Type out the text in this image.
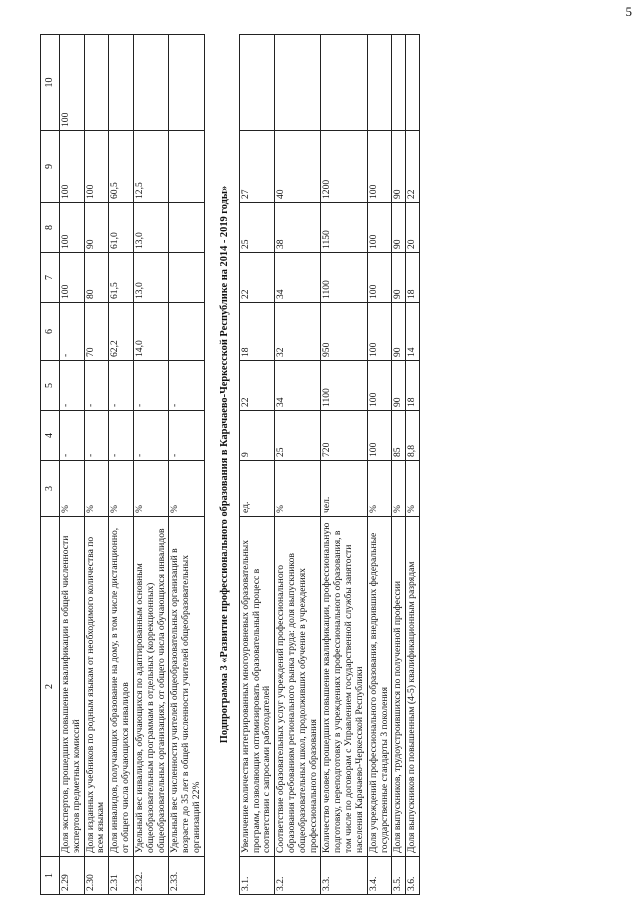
5
1	2	3	4	5	6	7	8	9	10
2.29	Доля экспертов, прошедших повышение квалификации в общей численности экспертов предметных комиссий	%	-	-	-	100	100	100	100
2.30	Доля изданных учебников по родным языкам от необходимого количества по всем языкам	%	-	-	70	80	90	100	
2.31	Доля инвалидов, получающих образование на дому, в том числе дистанционно, от общего числа обучающихся инвалидов	%	-	-	62,2	61,5	61,0	60,5	
2.32.	Удельный вес инвалидов, обучающихся по адаптированным основным общеобразовательным программам в отдельных (коррекционных) общеобразовательных организациях, от общего числа обучающихся инвалидов	%	-	-	14,0	13,0	13,0	12,5	
2.33.	Удельный вес численности учителей общеобразовательных организаций в возрасте до 35 лет в общей численности учителей общеобразовательных организаций 22%	%	-	-					
Подпрограмма 3 «Развитие профессионального образования в Карачаево-Черкесской Республике на 2014 - 2019 годы»									
3.1.	Увеличение количества интегрированных многоуровневых образовательных программ, позволяющих оптимизировать образовательный процесс в соответствии с запросами работодателей	ед.	9	22	18	22	25	27	
3.2.	Соответствие образовательных услуг учреждений профессионального образования требованиям регионального рынка труда: доля выпускников общеобразовательных школ, продолживших обучение в учреждениях профессионального образования	%	25	34	32	34	38	40	
3.3.	Количество человек, прошедших повышение квалификации, профессиональную подготовку, переподготовку в учреждениях профессионального образования, в том числе по договорам с Управлением государственной службы занятости населения Карачаево-Черкесской Республики	чел.	720	1100	950	1100	1150	1200	
3.4.	Доля учреждений профессионального образования, внедривших федеральные государственные стандарты 3 поколения	%	100	100	100	100	100	100	
3.5.	Доля выпускников, трудоустроившихся по полученной профессии	%	85	90	90	90	90	90	
3.6.	Доля выпускников по повышенным (4-5) квалификационным разрядам	%	8,8	18	14	18	20	22	
